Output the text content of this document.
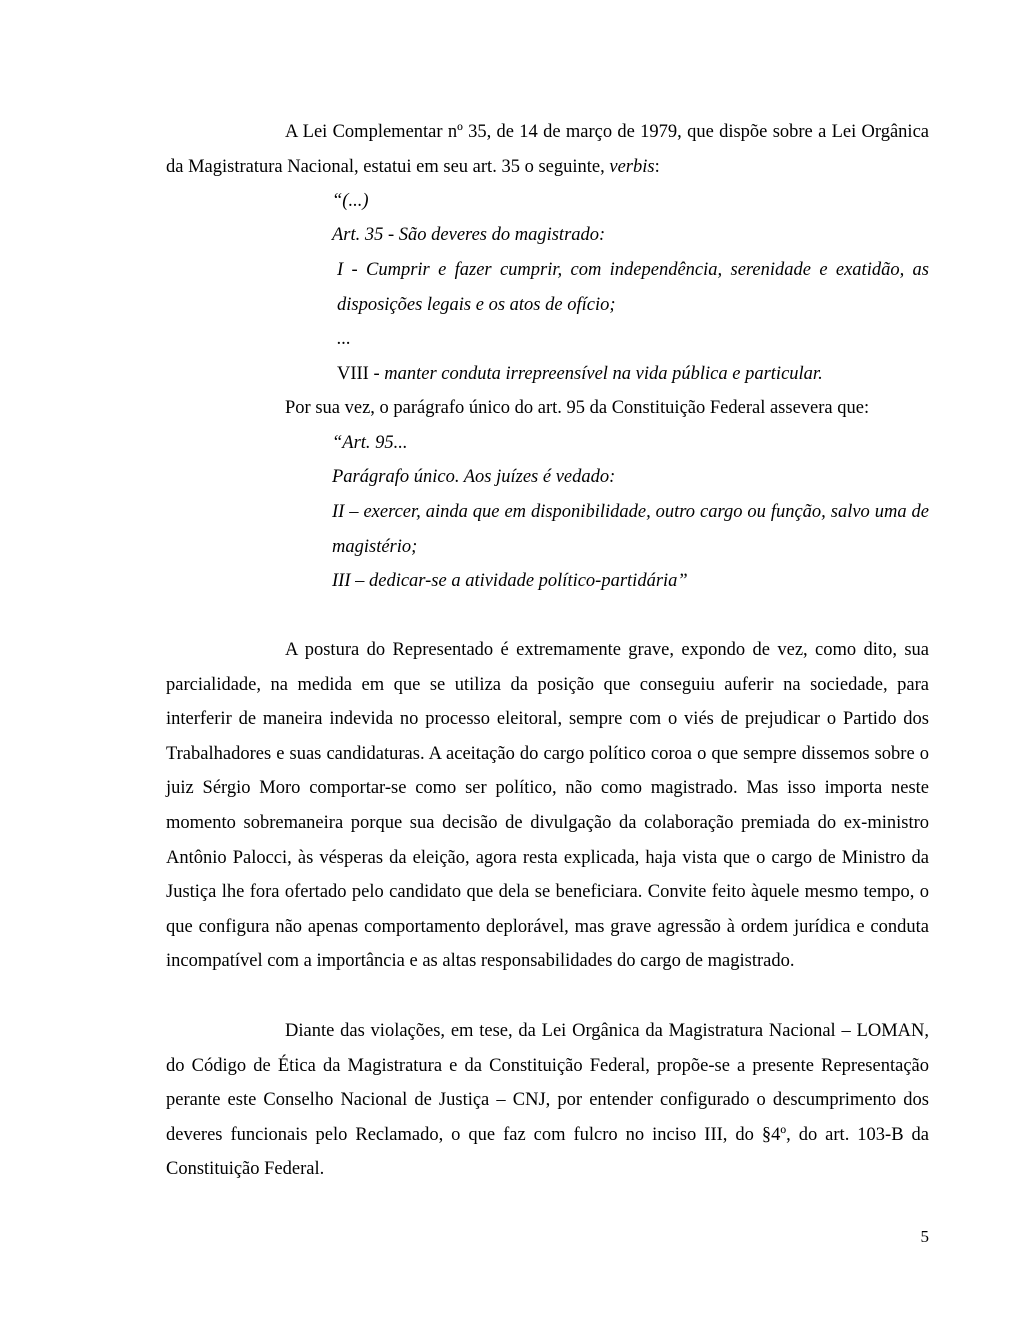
A Lei Complementar nº 35, de 14 de março de 1979, que dispõe sobre a Lei Orgânica da Magistratura Nacional, estatui em seu art. 35 o seguinte, verbis:

“(...)

Art. 35 - São deveres do magistrado:

I - Cumprir e fazer cumprir, com independência, serenidade e exatidão, as disposições legais e os atos de ofício;

...

VIII - manter conduta irrepreensível na vida pública e particular.

Por sua vez, o parágrafo único do art. 95 da Constituição Federal assevera que:

“Art. 95...

Parágrafo único. Aos juízes é vedado:

II – exercer, ainda que em disponibilidade, outro cargo ou função, salvo uma de magistério;

III – dedicar-se a atividade político-partidária”

A postura do Representado é extremamente grave, expondo de vez, como dito, sua parcialidade, na medida em que se utiliza da posição que conseguiu auferir na sociedade, para interferir de maneira indevida no processo eleitoral, sempre com o viés de prejudicar o Partido dos Trabalhadores e suas candidaturas. A aceitação do cargo político coroa o que sempre dissemos sobre o juiz Sérgio Moro comportar-se como ser político, não como magistrado. Mas isso importa neste momento sobremaneira porque sua decisão de divulgação da colaboração premiada do ex-ministro Antônio Palocci, às vésperas da eleição, agora resta explicada, haja vista que o cargo de Ministro da Justiça lhe fora ofertado pelo candidato que dela se beneficiara. Convite feito àquele mesmo tempo, o que configura não apenas comportamento deplorável, mas grave agressão à ordem jurídica e conduta incompatível com a importância e as altas responsabilidades do cargo de magistrado.

Diante das violações, em tese, da Lei Orgânica da Magistratura Nacional – LOMAN, do Código de Ética da Magistratura e da Constituição Federal, propõe-se a presente Representação perante este Conselho Nacional de Justiça – CNJ, por entender configurado o descumprimento dos deveres funcionais pelo Reclamado, o que faz com fulcro no inciso III, do §4º, do art. 103-B da Constituição Federal.

5
